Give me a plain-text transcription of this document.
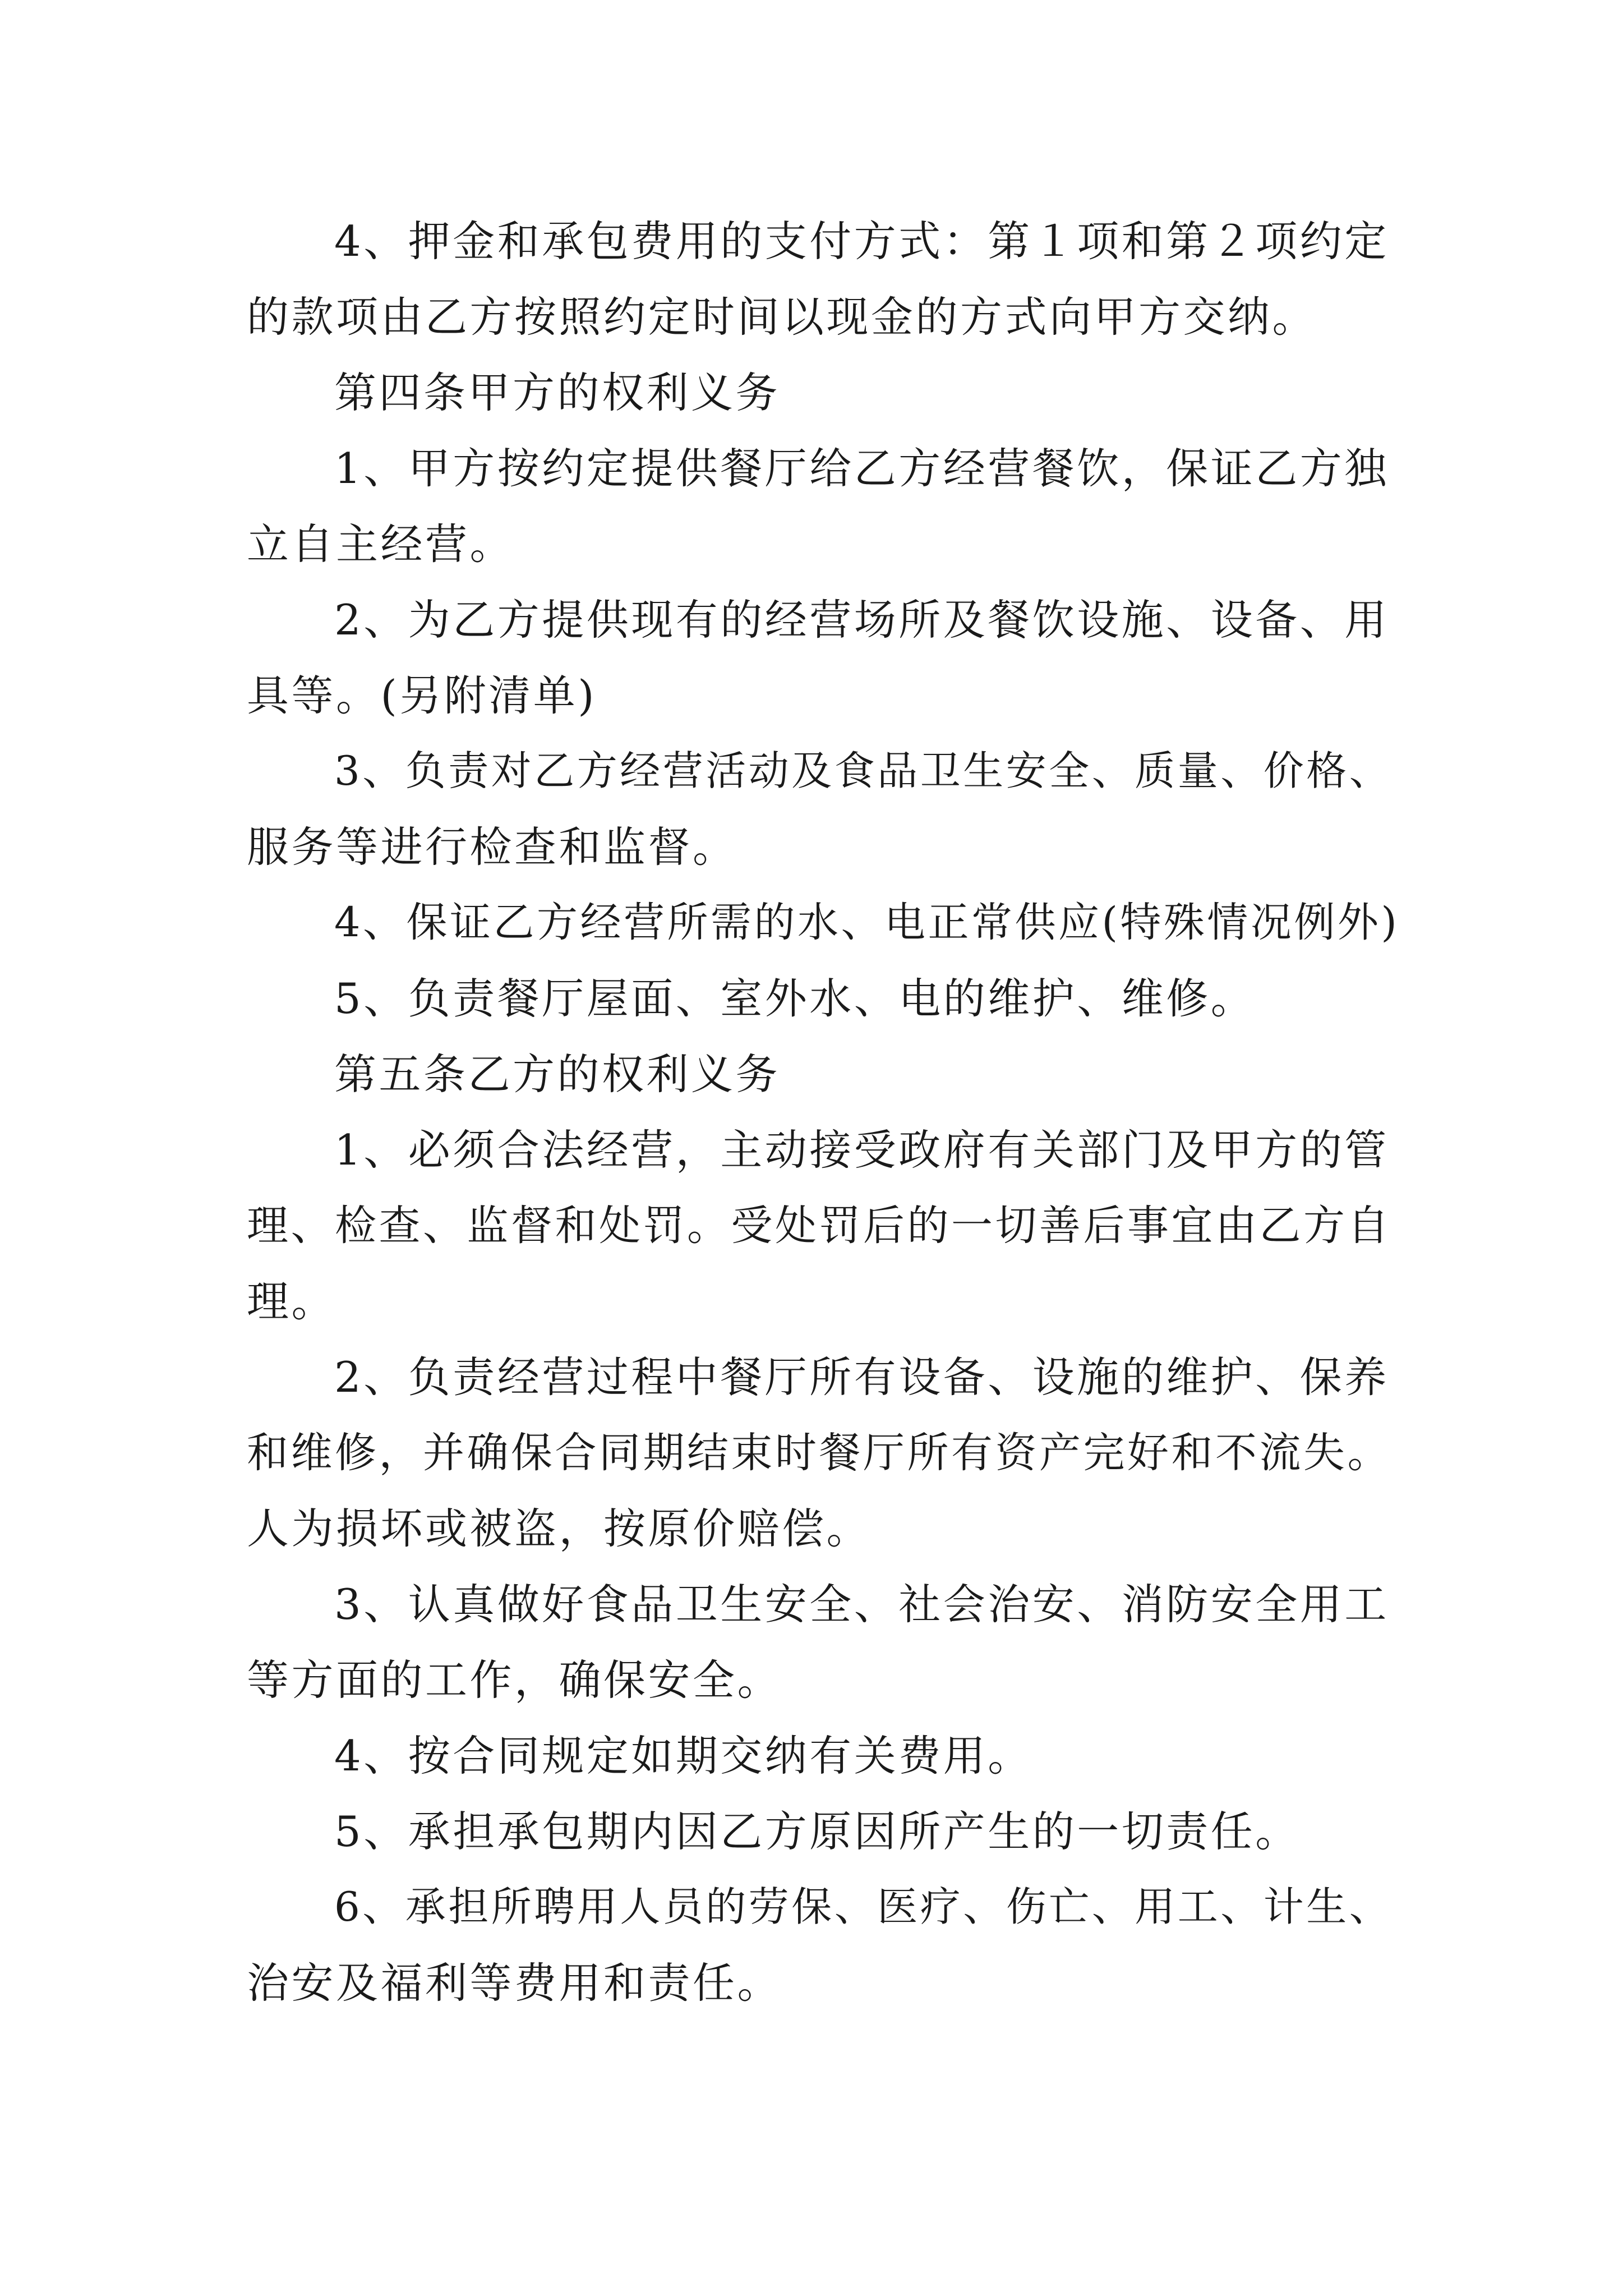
4、押金和承包费用的支付方式：第１项和第２项约定
的款项由乙方按照约定时间以现金的方式向甲方交纳。
第四条甲方的权利义务
1、甲方按约定提供餐厅给乙方经营餐饮，保证乙方独
立自主经营。
2、为乙方提供现有的经营场所及餐饮设施、设备、用
具等。(另附清单)
3、负责对乙方经营活动及食品卫生安全、质量、价格、
服务等进行检查和监督。
4、保证乙方经营所需的水、电正常供应(特殊情况例外)
5、负责餐厅屋面、室外水、电的维护、维修。
第五条乙方的权利义务
1、必须合法经营，主动接受政府有关部门及甲方的管
理、检查、监督和处罚。受处罚后的一切善后事宜由乙方自
理。
2、负责经营过程中餐厅所有设备、设施的维护、保养
和维修，并确保合同期结束时餐厅所有资产完好和不流失。
人为损坏或被盗，按原价赔偿。
3、认真做好食品卫生安全、社会治安、消防安全用工
等方面的工作，确保安全。
4、按合同规定如期交纳有关费用。
5、承担承包期内因乙方原因所产生的一切责任。
6、承担所聘用人员的劳保、医疗、伤亡、用工、计生、
治安及福利等费用和责任。
